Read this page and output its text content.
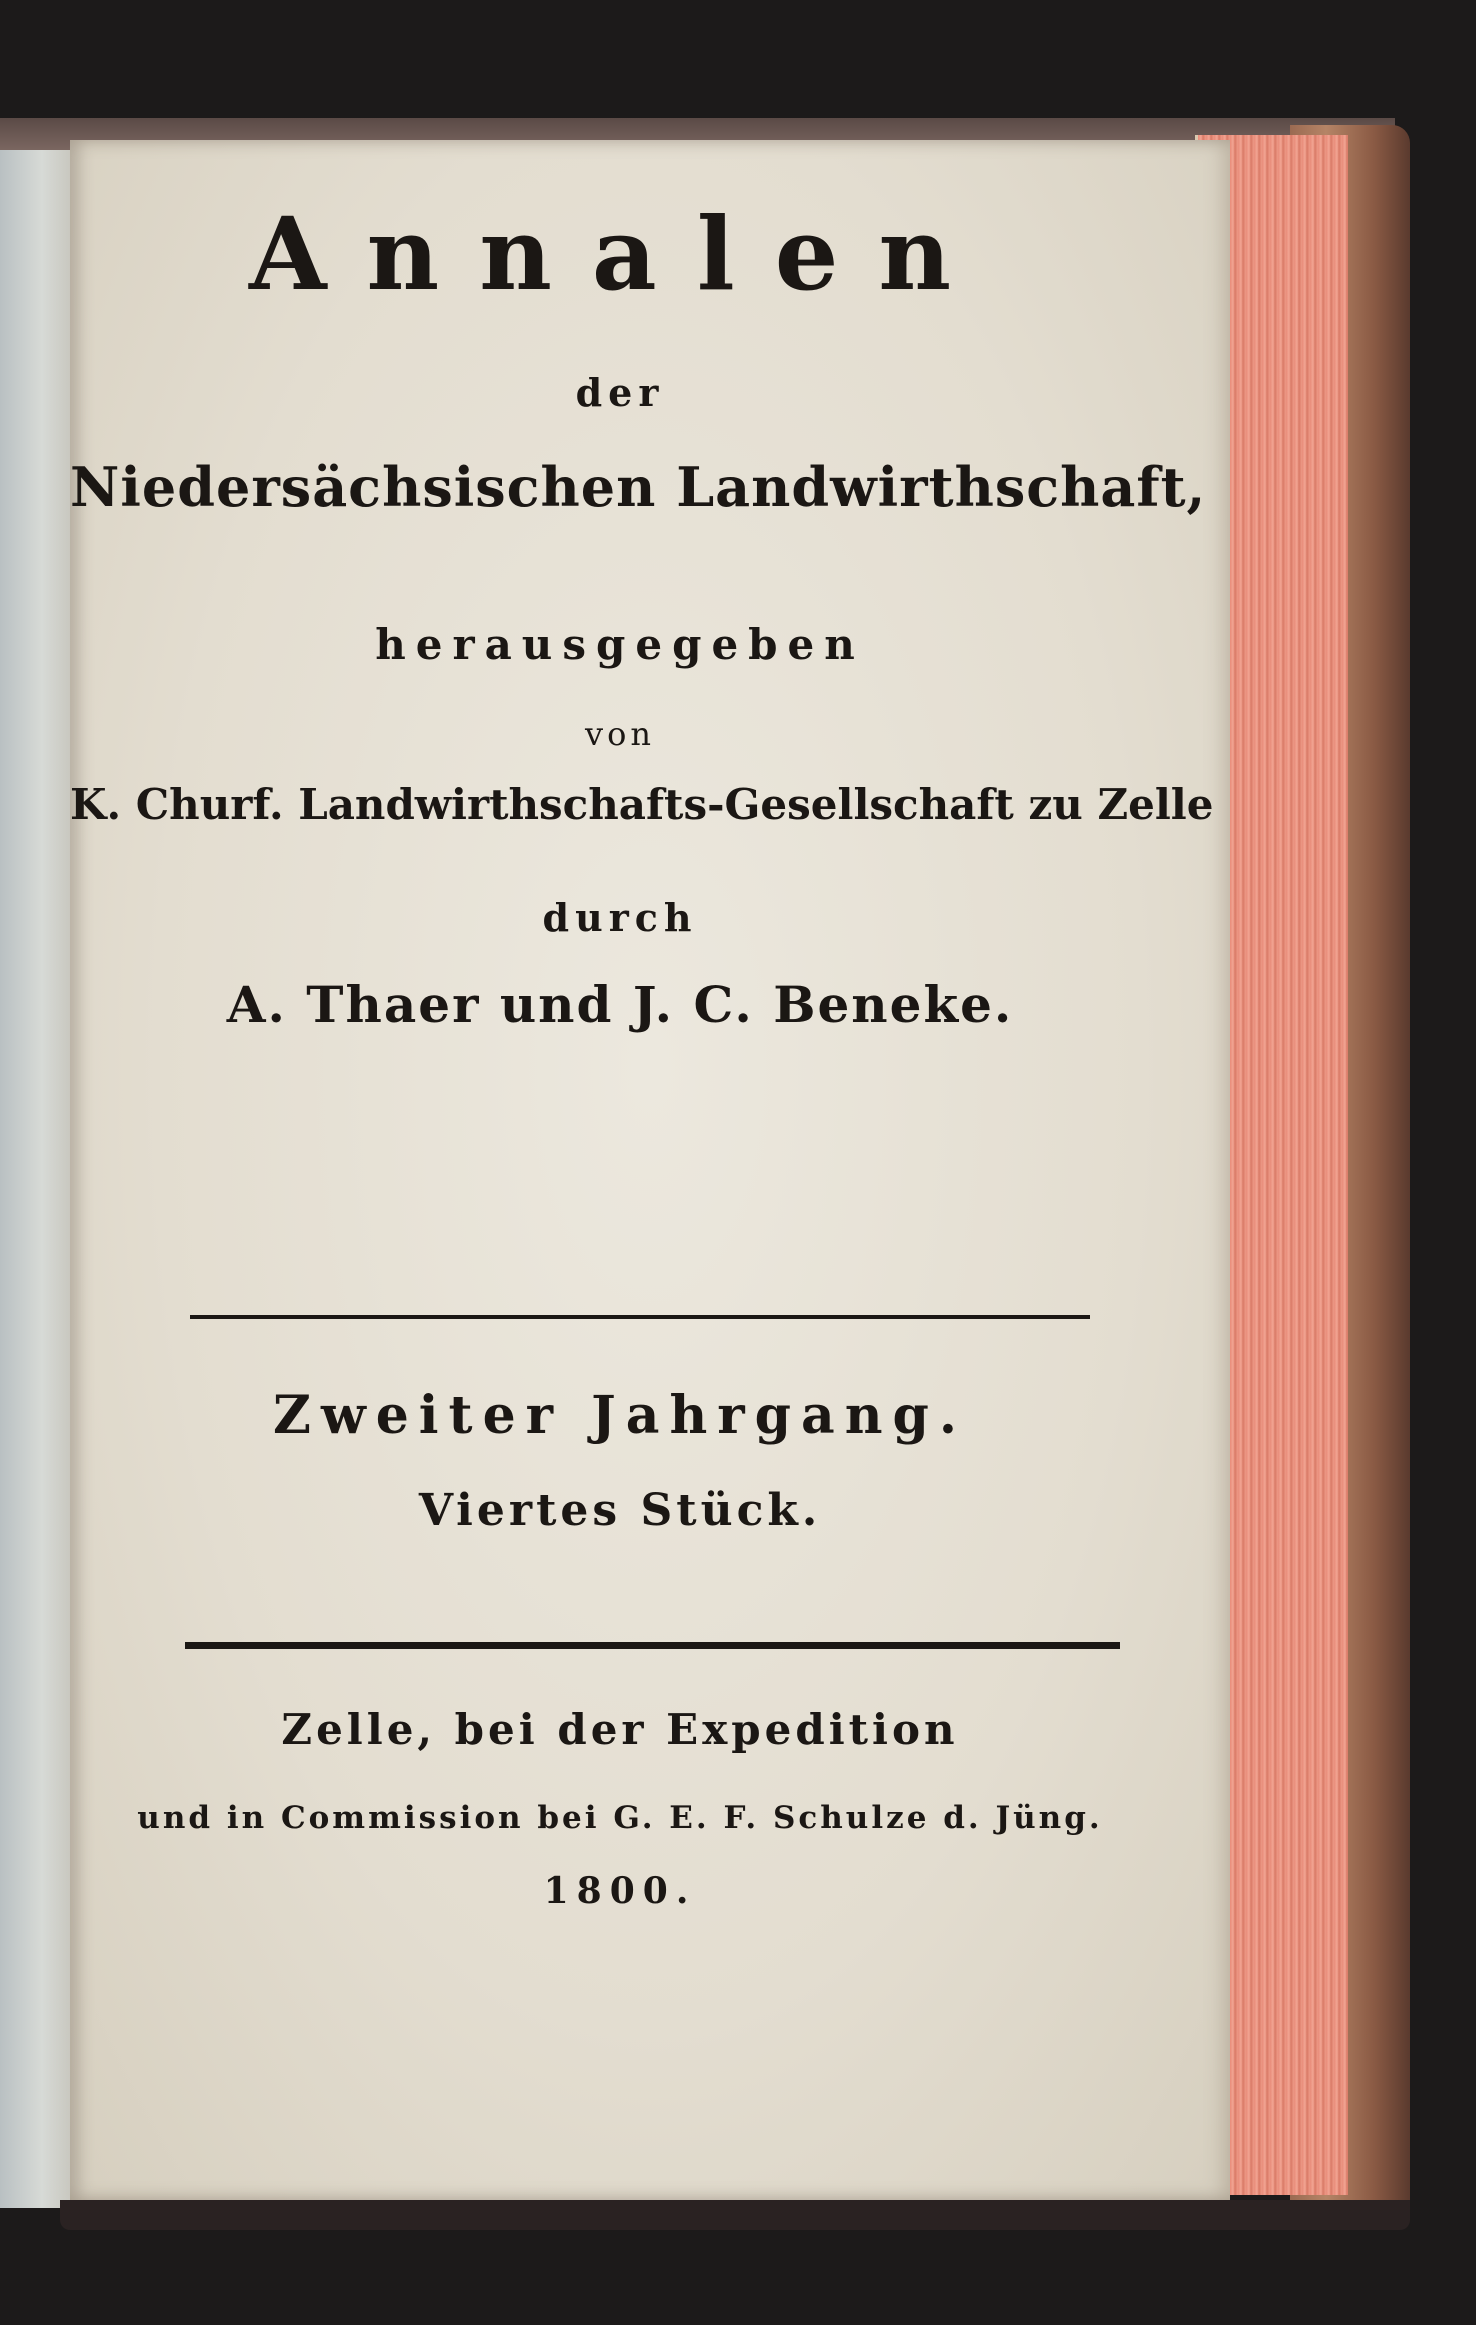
Annalen
der
Niedersächsischen Landwirthschaft,
herausgegeben
von
K. Churf. Landwirthschafts-Gesellschaft zu Zelle
durch
A. Thaer und J. C. Beneke.
Zweiter Jahrgang.
Viertes Stück.
Zelle, bei der Expedition
und in Commission bei G. E. F. Schulze d. Jüng.
1800.
